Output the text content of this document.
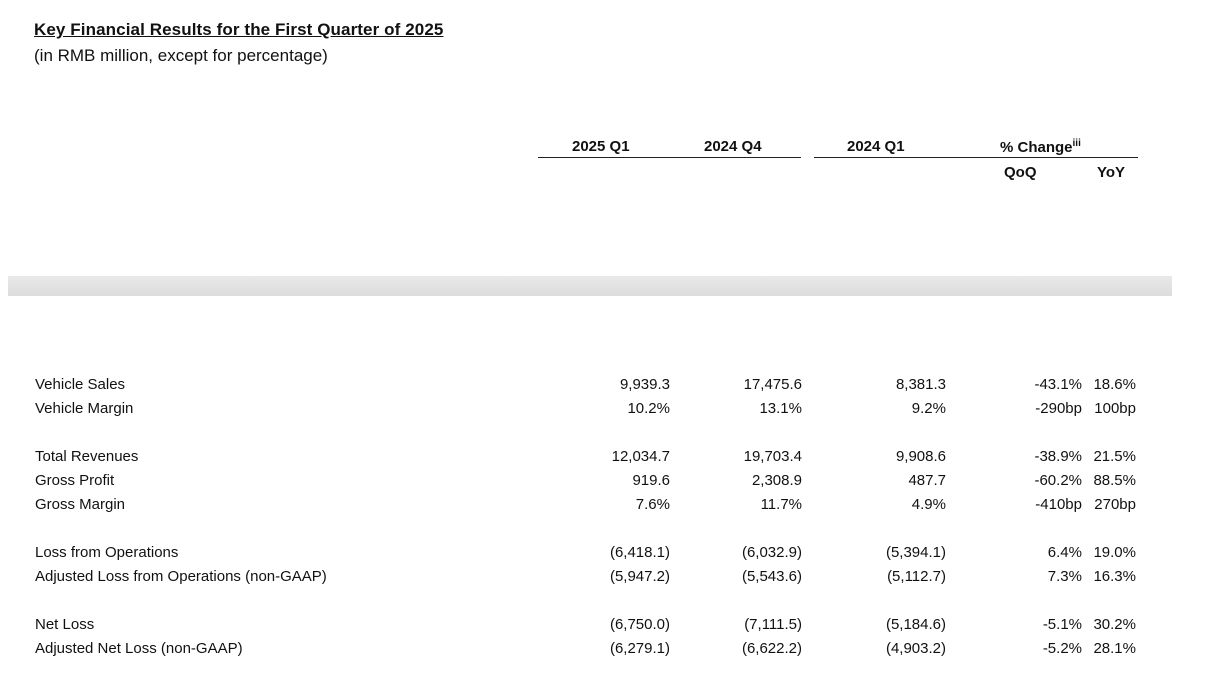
Key Financial Results for the First Quarter of 2025
(in RMB million, except for percentage)
2025 Q1	2024 Q4	2024 Q1	% Change$^{iii}$
QoQ	YoY
Vehicle Sales	9,939.3	17,475.6	8,381.3	-43.1% 18.6%
Vehicle Margin	10.2%	13.1%	9.2%	-290bp 100bp
Total Revenues	12,034.7	19,703.4	9,908.6	-38.9% 21.5%
Gross Profit	919.6	2,308.9	487.7	-60.2% 88.5%
Gross Margin	7.6%	11.7%	4.9%	-410bp 270bp
Loss from Operations	(6,418.1)	(6,032.9)	(5,394.1)	6.4% 19.0%
Adjusted Loss from Operations (non-GAAP)	(5,947.2)	(5,543.6)	(5,112.7)	7.3% 16.3%
Net Loss	(6,750.0)	(7,111.5)	(5,184.6)	-5.1% 30.2%
Adjusted Net Loss (non-GAAP)	(6,279.1)	(6,622.2)	(4,903.2)	-5.2% 28.1%
